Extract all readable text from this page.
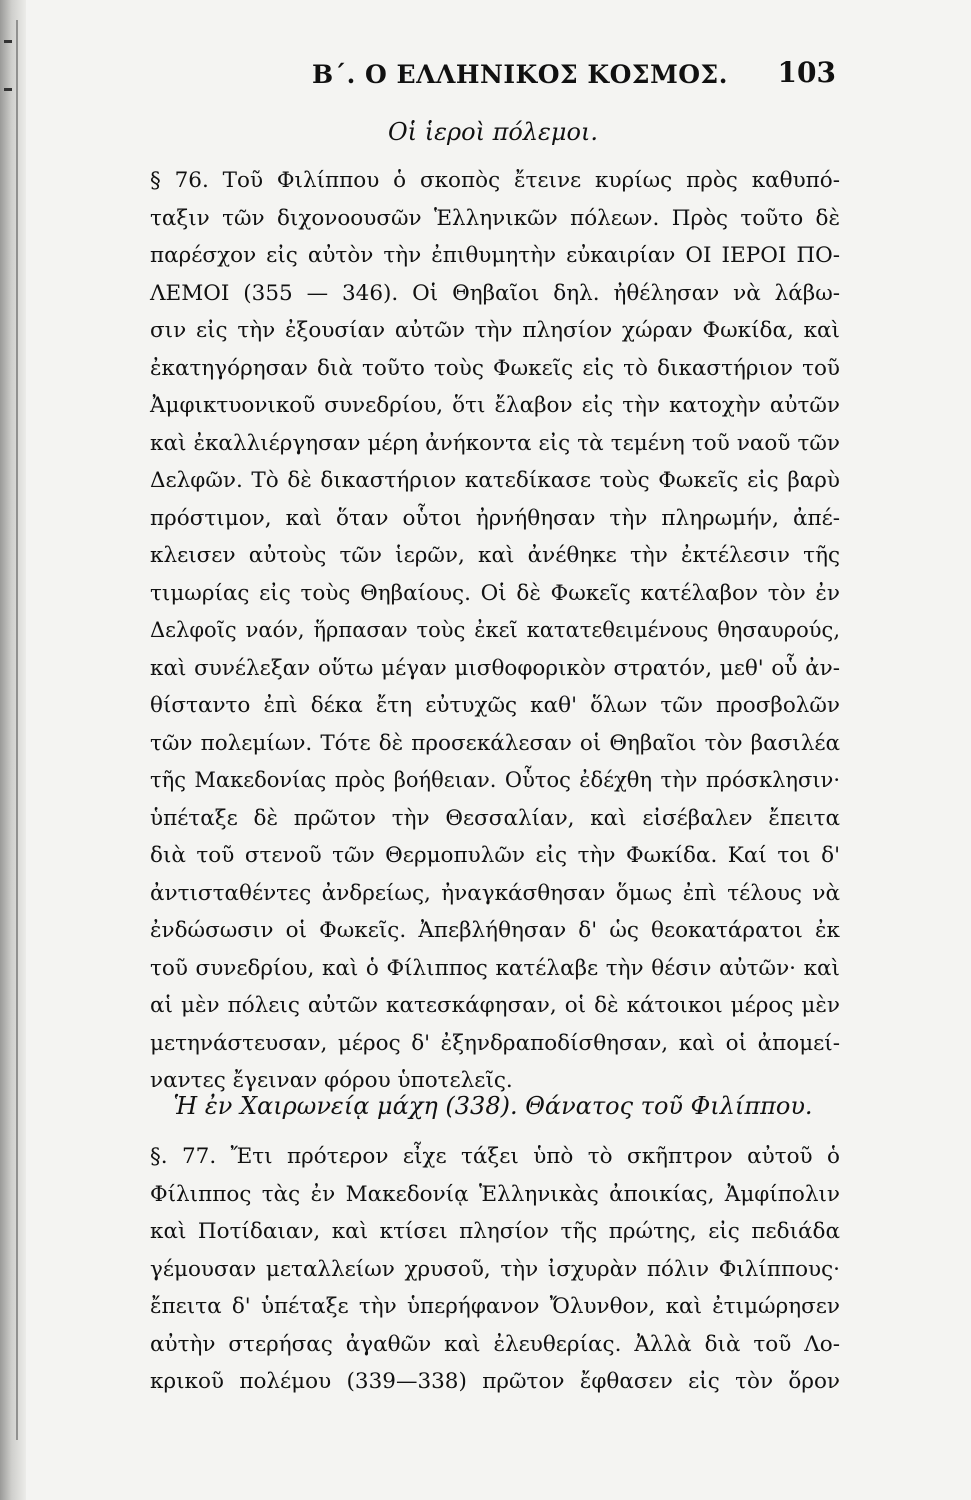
Β΄. Ο ΕΛΛΗΝΙΚΟΣ ΚΟΣΜΟΣ. 103
Οἱ ἱεροὶ πόλεμοι.
§ 76. Τοῦ Φιλίππου ὁ σκοπὸς ἔτεινε κυρίως πρὸς καθυπό-
ταξιν τῶν διχονοουσῶν Ἑλληνικῶν πόλεων. Πρὸς τοῦτο δὲ
παρέσχον εἰς αὐτὸν τὴν ἐπιθυμητὴν εὐκαιρίαν ΟΙ ΙΕΡΟΙ ΠΟ-
ΛΕΜΟΙ (355 — 346). Οἱ Θηβαῖοι δηλ. ἠθέλησαν νὰ λάβω-
σιν εἰς τὴν ἐξουσίαν αὐτῶν τὴν πλησίον χώραν Φωκίδα, καὶ
ἐκατηγόρησαν διὰ τοῦτο τοὺς Φωκεῖς εἰς τὸ δικαστήριον τοῦ
Ἀμφικτυονικοῦ συνεδρίου, ὅτι ἔλαβον εἰς τὴν κατοχὴν αὐτῶν
καὶ ἐκαλλιέργησαν μέρη ἀνήκοντα εἰς τὰ τεμένη τοῦ ναοῦ τῶν
Δελφῶν. Τὸ δὲ δικαστήριον κατεδίκασε τοὺς Φωκεῖς εἰς βαρὺ
πρόστιμον, καὶ ὅταν οὗτοι ἠρνήθησαν τὴν πληρωμήν, ἀπέ-
κλεισεν αὐτοὺς τῶν ἱερῶν, καὶ ἀνέθηκε τὴν ἐκτέλεσιν τῆς
τιμωρίας εἰς τοὺς Θηβαίους. Οἱ δὲ Φωκεῖς κατέλαβον τὸν ἐν
Δελφοῖς ναόν, ἥρπασαν τοὺς ἐκεῖ κατατεθειμένους θησαυρούς,
καὶ συνέλεξαν οὕτω μέγαν μισθοφορικὸν στρατόν, μεθ' οὗ ἀν-
θίσταντο ἐπὶ δέκα ἔτη εὐτυχῶς καθ' ὅλων τῶν προσβολῶν
τῶν πολεμίων. Τότε δὲ προσεκάλεσαν οἱ Θηβαῖοι τὸν βασιλέα
τῆς Μακεδονίας πρὸς βοήθειαν. Οὗτος ἐδέχθη τὴν πρόσκλησιν·
ὑπέταξε δὲ πρῶτον τὴν Θεσσαλίαν, καὶ εἰσέβαλεν ἔπειτα
διὰ τοῦ στενοῦ τῶν Θερμοπυλῶν εἰς τὴν Φωκίδα. Καί τοι δ'
ἀντισταθέντες ἀνδρείως, ἠναγκάσθησαν ὅμως ἐπὶ τέλους νὰ
ἐνδώσωσιν οἱ Φωκεῖς. Ἀπεβλήθησαν δ' ὡς θεοκατάρατοι ἐκ
τοῦ συνεδρίου, καὶ ὁ Φίλιππος κατέλαβε τὴν θέσιν αὐτῶν· καὶ
αἱ μὲν πόλεις αὐτῶν κατεσκάφησαν, οἱ δὲ κάτοικοι μέρος μὲν
μετηνάστευσαν, μέρος δ' ἐξηνδραποδίσθησαν, καὶ οἱ ἀπομεί-
ναντες ἔγειναν φόρου ὑποτελεῖς.
Ἡ ἐν Χαιρωνείᾳ μάχη (338). Θάνατος τοῦ Φιλίππου.
§. 77. Ἔτι πρότερον εἶχε τάξει ὑπὸ τὸ σκῆπτρον αὐτοῦ ὁ
Φίλιππος τὰς ἐν Μακεδονίᾳ Ἑλληνικὰς ἀποικίας, Ἀμφίπολιν
καὶ Ποτίδαιαν, καὶ κτίσει πλησίον τῆς πρώτης, εἰς πεδιάδα
γέμουσαν μεταλλείων χρυσοῦ, τὴν ἰσχυρὰν πόλιν Φιλίππους·
ἔπειτα δ' ὑπέταξε τὴν ὑπερήφανον Ὄλυνθον, καὶ ἐτιμώρησεν
αὐτὴν στερήσας ἀγαθῶν καὶ ἐλευθερίας. Ἀλλὰ διὰ τοῦ Λο-
κρικοῦ πολέμου (339—338) πρῶτον ἔφθασεν εἰς τὸν ὅρον
